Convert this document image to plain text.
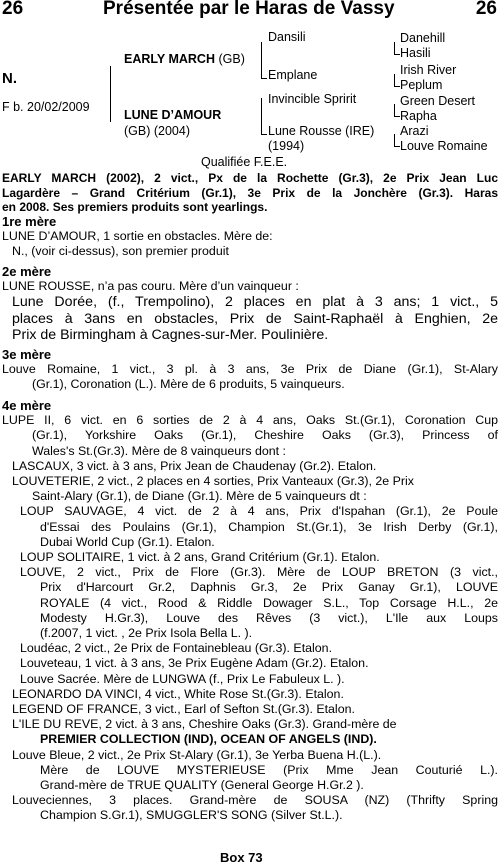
26	Présentée par le Haras de Vassy	26
N.
F b. 20/02/2009
EARLY MARCH (GB)
LUNE D’AMOUR
(GB) (2004)
Dansili
Emplane
Invincible Spririt
Lune Rousse (IRE)
(1994)
Danehill
Hasili
Irish River
Peplum
Green Desert
Rapha
Arazi
Louve Romaine
Qualifiée F.E.E.

EARLY MARCH (2002), 2 vict., Px de la Rochette (Gr.3), 2e Prix Jean Luc

Lagardère – Grand Critérium (Gr.1), 3e Prix de la Jonchère (Gr.3). Haras

en 2008. Ses premiers produits sont yearlings.

1re mère

LUNE D’AMOUR, 1 sortie en obstacles. Mère de:

N., (voir ci-dessus), son premier produit

2e mère

LUNE ROUSSE, n’a pas couru. Mère d’un vainqueur :

Lune Dorée, (f., Trempolino), 2 places en plat à 3 ans; 1 vict., 5

places à 3ans en obstacles, Prix de Saint-Raphaël à Enghien, 2e

Prix de Birmingham à Cagnes-sur-Mer. Poulinière.

3e mère

Louve Romaine, 1 vict., 3 pl. à 3 ans, 3e Prix de Diane (Gr.1), St-Alary

(Gr.1), Coronation (L.). Mère de 6 produits, 5 vainqueurs.

4e mère

LUPE II, 6 vict. en 6 sorties de 2 à 4 ans, Oaks St.(Gr.1), Coronation Cup

(Gr.1), Yorkshire Oaks (Gr.1), Cheshire Oaks (Gr.3), Princess of

Wales's St.(Gr.3). Mère de 8 vainqueurs dont :

LASCAUX, 3 vict. à 3 ans, Prix Jean de Chaudenay (Gr.2). Etalon.

LOUVETERIE, 2 vict., 2 places en 4 sorties, Prix Vanteaux (Gr.3), 2e Prix

Saint-Alary (Gr.1), de Diane (Gr.1). Mère de 5 vainqueurs dt :

LOUP SAUVAGE, 4 vict. de 2 à 4 ans, Prix d'Ispahan (Gr.1), 2e Poule

d'Essai des Poulains (Gr.1), Champion St.(Gr.1), 3e Irish Derby (Gr.1),

Dubai World Cup (Gr.1). Etalon.

LOUP SOLITAIRE, 1 vict. à 2 ans, Grand Critérium (Gr.1). Etalon.

LOUVE, 2 vict., Prix de Flore (Gr.3). Mère de LOUP BRETON (3 vict.,

Prix d'Harcourt Gr.2, Daphnis Gr.3, 2e Prix Ganay Gr.1), LOUVE

ROYALE (4 vict., Rood & Riddle Dowager S.L., Top Corsage H.L., 2e

Modesty H.Gr.3), Louve des Rêves (3 vict.), L'Ile aux Loups

(f.2007, 1 vict. , 2e Prix Isola Bella L. ).

Loudéac, 2 vict., 2e Prix de Fontainebleau (Gr.3). Etalon.

Louveteau, 1 vict. à 3 ans, 3e Prix Eugène Adam (Gr.2). Etalon.

Louve Sacrée. Mère de LUNGWA (f., Prix Le Fabuleux L. ).

LEONARDO DA VINCI, 4 vict., White Rose St.(Gr.3). Etalon.

LEGEND OF FRANCE, 3 vict., Earl of Sefton St.(Gr.3). Etalon.

L'ILE DU REVE, 2 vict. à 3 ans, Cheshire Oaks (Gr.3). Grand-mère de

PREMIER COLLECTION (IND), OCEAN OF ANGELS (IND).

Louve Bleue, 2 vict., 2e Prix St-Alary (Gr.1), 3e Yerba Buena H.(L.).

Mère de LOUVE MYSTERIEUSE (Prix Mme Jean Couturié L.).

Grand-mère de TRUE QUALITY (General George H.Gr.2 ).

Louveciennes, 3 places. Grand-mère de SOUSA (NZ) (Thrifty Spring

Champion S.Gr.1), SMUGGLER'S SONG (Silver St.L.).

Box 73
